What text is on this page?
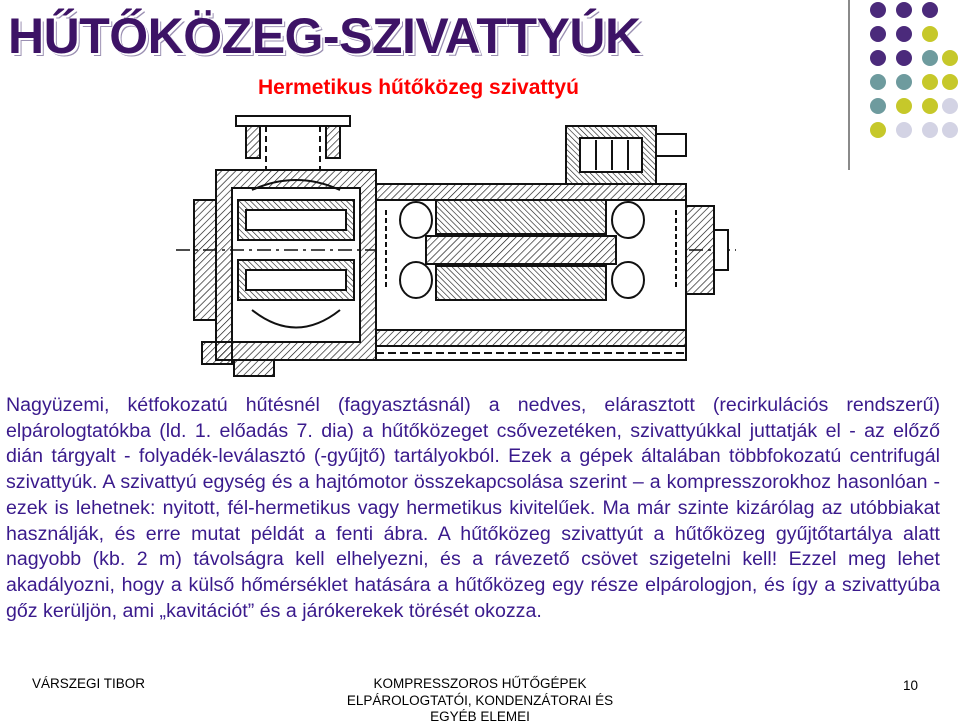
HŰTŐKÖZEG-SZIVATTYÚK
Hermetikus hűtőközeg szivattyú

Nagyüzemi, kétfokozatú hűtésnél (fagyasztásnál) a nedves, elárasztott (recirkulációs rendszerű) elpárologtatókba (ld. 1. előadás 7. dia) a hűtőközeget csővezetéken, szivattyúkkal juttatják el - az előző dián tárgyalt - folyadék-leválasztó (-gyűjtő) tartályokból. Ezek a gépek általában többfokozatú centrifugál szivattyúk. A szivattyú egység és a hajtómotor összekapcsolása szerint – a kompresszorokhoz hasonlóan - ezek is lehetnek: nyitott, fél-hermetikus vagy hermetikus kivitelűek. Ma már szinte kizárólag az utóbbiakat használják, és erre mutat példát a fenti ábra. A hűtőközeg szivattyút a hűtőközeg gyűjtőtartálya alatt nagyobb (kb. 2 m) távolságra kell elhelyezni, és a rávezető csövet szigetelni kell! Ezzel meg lehet akadályozni, hogy a külső hőmérséklet hatására a hűtőközeg egy része elpárologjon, és így a szivattyúba gőz kerüljön, ami „kavitációt” és a járókerekek törését okozza.

VÁRSZEGI TIBOR	KOMPRESSZOROS HŰTŐGÉPEK
ELPÁROLOGTATÓI, KONDENZÁTORAI ÉS
EGYÉB ELEMEI

10
